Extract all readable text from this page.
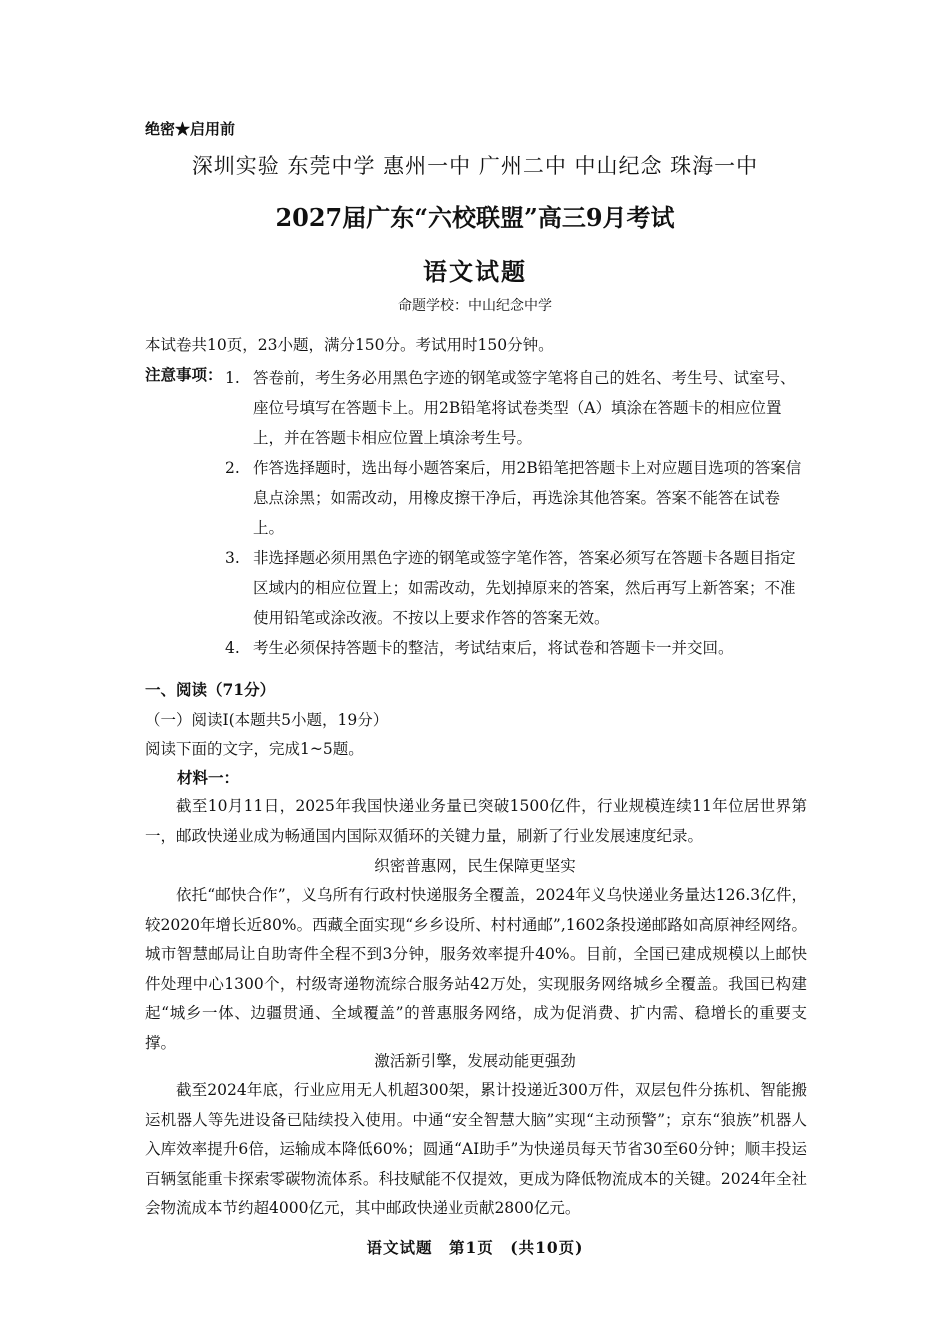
绝密★启用前
深圳实验 东莞中学 惠州一中 广州二中 中山纪念 珠海一中
2027届广东“六校联盟”高三9月考试
语文试题
命题学校：中山纪念中学
本试卷共10页，23小题，满分150分。考试用时150分钟。
注意事项： 1. 答卷前，考生务必用黑色字迹的钢笔或签字笔将自己的姓名、考生号、试室号、座位号填写在答题卡上。用2B铅笔将试卷类型（A）填涂在答题卡的相应位置上，并在答题卡相应位置上填涂考生号。
2. 作答选择题时，选出每小题答案后，用2B铅笔把答题卡上对应题目选项的答案信息点涂黑；如需改动，用橡皮擦干净后，再选涂其他答案。答案不能答在试卷上。
3. 非选择题必须用黑色字迹的钢笔或签字笔作答，答案必须写在答题卡各题目指定区域内的相应位置上；如需改动，先划掉原来的答案，然后再写上新答案；不准使用铅笔或涂改液。不按以上要求作答的答案无效。
4. 考生必须保持答题卡的整洁，考试结束后，将试卷和答题卡一并交回。
一、阅读（71分）
（一）阅读Ⅰ(本题共5小题，19分）
阅读下面的文字，完成1~5题。
材料一：

截至10月11日，2025年我国快递业务量已突破1500亿件，行业规模连续11年位居世界第一，邮政快递业成为畅通国内国际双循环的关键力量，刷新了行业发展速度纪录。

织密普惠网，民生保障更坚实

依托“邮快合作”，义乌所有行政村快递服务全覆盖，2024年义乌快递业务量达126.3亿件，较2020年增长近80%。西藏全面实现“乡乡设所、村村通邮”,1602条投递邮路如高原神经网络。城市智慧邮局让自助寄件全程不到3分钟，服务效率提升40%。目前，全国已建成规模以上邮快件处理中心1300个，村级寄递物流综合服务站42万处，实现服务网络城乡全覆盖。我国已构建起“城乡一体、边疆贯通、全域覆盖”的普惠服务网络，成为促消费、扩内需、稳增长的重要支撑。

激活新引擎，发展动能更强劲

截至2024年底，行业应用无人机超300架，累计投递近300万件，双层包件分拣机、智能搬运机器人等先进设备已陆续投入使用。中通“安全智慧大脑”实现“主动预警”；京东“狼族”机器人入库效率提升6倍，运输成本降低60%；圆通“AI助手”为快递员每天节省30至60分钟；顺丰投运百辆氢能重卡探索零碳物流体系。科技赋能不仅提效，更成为降低物流成本的关键。2024年全社会物流成本节约超4000亿元，其中邮政快递业贡献2800亿元。

语文试题　第1页　(共10页)
